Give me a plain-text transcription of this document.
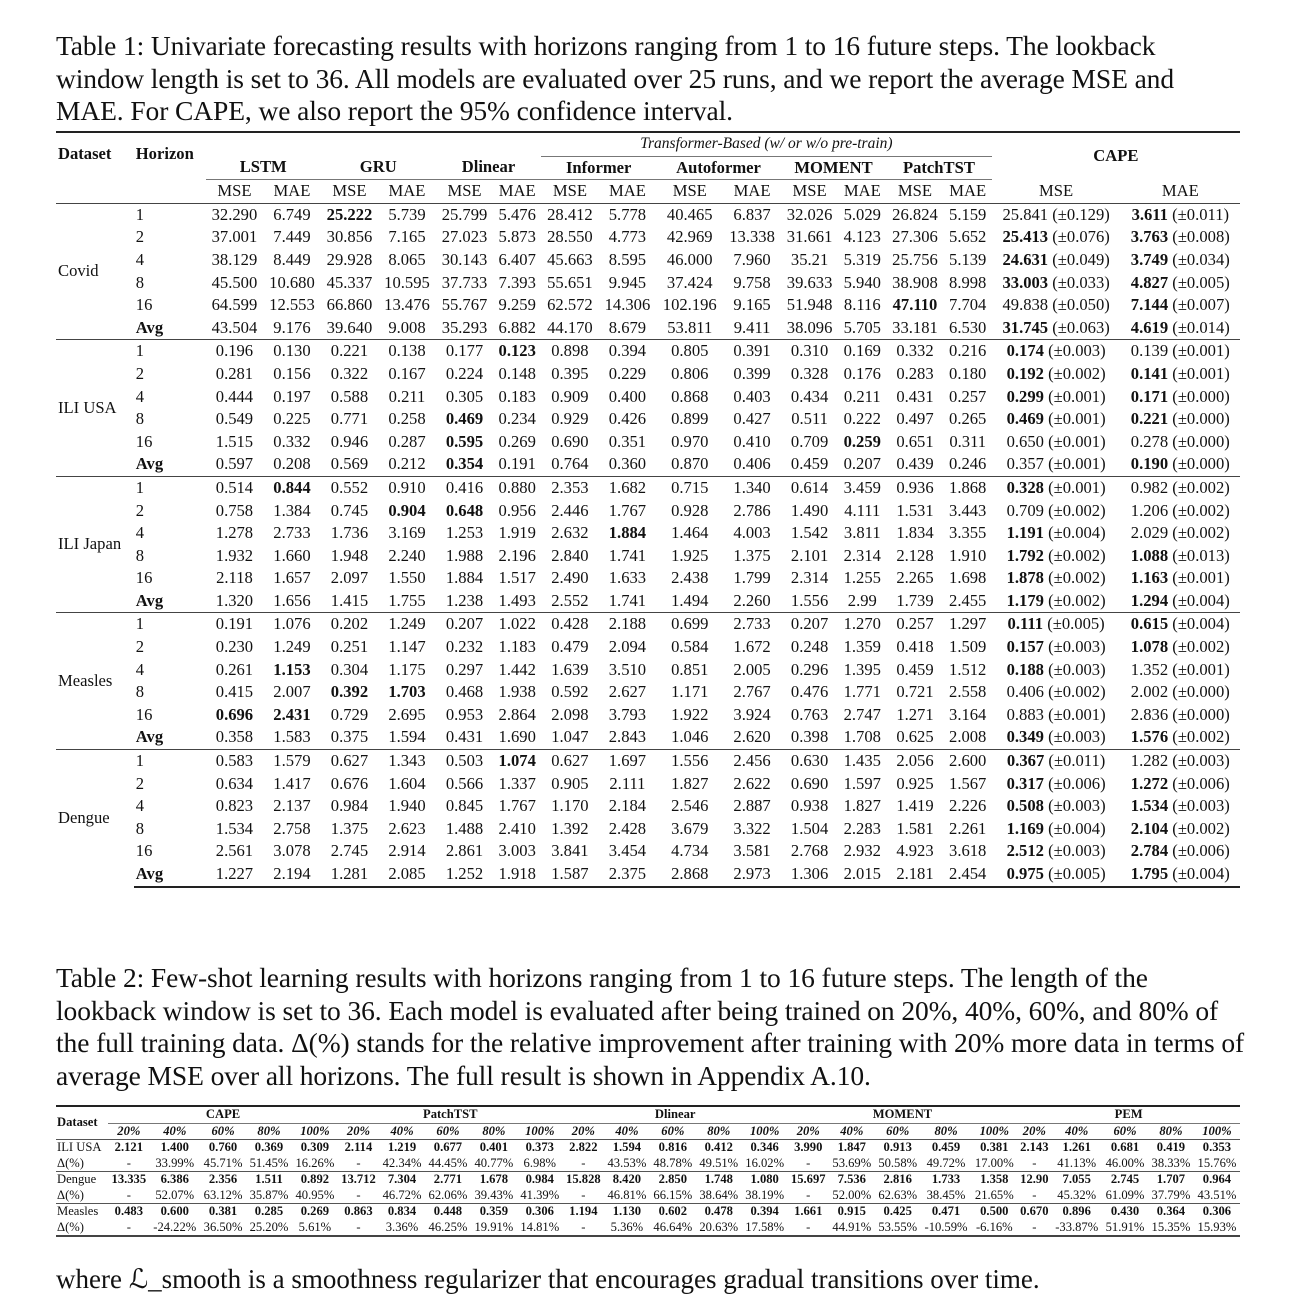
Table 1: Univariate forecasting results with horizons ranging from 1 to 16 future steps. The lookback window length is set to 36. All models are evaluated over 25 runs, and we report the average MSE and MAE. For CAPE, we also report the 95% confidence interval.
Dataset	Horizon							Transformer-Based (w/ or w/o pre-train)								CAPE	
		LSTM		GRU		Dlinear		Informer		Autoformer		MOMENT		PatchTST			
		MSE	MAE	MSE	MAE	MSE	MAE	MSE	MAE	MSE	MAE	MSE	MAE	MSE	MAE	MSE	MAE
Covid	1	32.290	6.749	25.222	5.739	25.799	5.476	28.412	5.778	40.465	6.837	32.026	5.029	26.824	5.159	25.841 (±0.129)	3.611 (±0.011)
	2	37.001	7.449	30.856	7.165	27.023	5.873	28.550	4.773	42.969	13.338	31.661	4.123	27.306	5.652	25.413 (±0.076)	3.763 (±0.008)
	4	38.129	8.449	29.928	8.065	30.143	6.407	45.663	8.595	46.000	7.960	35.21	5.319	25.756	5.139	24.631 (±0.049)	3.749 (±0.034)
	8	45.500	10.680	45.337	10.595	37.733	7.393	55.651	9.945	37.424	9.758	39.633	5.940	38.908	8.998	33.003 (±0.033)	4.827 (±0.005)
	16	64.599	12.553	66.860	13.476	55.767	9.259	62.572	14.306	102.196	9.165	51.948	8.116	47.110	7.704	49.838 (±0.050)	7.144 (±0.007)
	Avg	43.504	9.176	39.640	9.008	35.293	6.882	44.170	8.679	53.811	9.411	38.096	5.705	33.181	6.530	31.745 (±0.063)	4.619 (±0.014)
ILI USA	1	0.196	0.130	0.221	0.138	0.177	0.123	0.898	0.394	0.805	0.391	0.310	0.169	0.332	0.216	0.174 (±0.003)	0.139 (±0.001)
	2	0.281	0.156	0.322	0.167	0.224	0.148	0.395	0.229	0.806	0.399	0.328	0.176	0.283	0.180	0.192 (±0.002)	0.141 (±0.001)
	4	0.444	0.197	0.588	0.211	0.305	0.183	0.909	0.400	0.868	0.403	0.434	0.211	0.431	0.257	0.299 (±0.001)	0.171 (±0.000)
	8	0.549	0.225	0.771	0.258	0.469	0.234	0.929	0.426	0.899	0.427	0.511	0.222	0.497	0.265	0.469 (±0.001)	0.221 (±0.000)
	16	1.515	0.332	0.946	0.287	0.595	0.269	0.690	0.351	0.970	0.410	0.709	0.259	0.651	0.311	0.650 (±0.001)	0.278 (±0.000)
	Avg	0.597	0.208	0.569	0.212	0.354	0.191	0.764	0.360	0.870	0.406	0.459	0.207	0.439	0.246	0.357 (±0.001)	0.190 (±0.000)
ILI Japan	1	0.514	0.844	0.552	0.910	0.416	0.880	2.353	1.682	0.715	1.340	0.614	3.459	0.936	1.868	0.328 (±0.001)	0.982 (±0.002)
	2	0.758	1.384	0.745	0.904	0.648	0.956	2.446	1.767	0.928	2.786	1.490	4.111	1.531	3.443	0.709 (±0.002)	1.206 (±0.002)
	4	1.278	2.733	1.736	3.169	1.253	1.919	2.632	1.884	1.464	4.003	1.542	3.811	1.834	3.355	1.191 (±0.004)	2.029 (±0.002)
	8	1.932	1.660	1.948	2.240	1.988	2.196	2.840	1.741	1.925	1.375	2.101	2.314	2.128	1.910	1.792 (±0.002)	1.088 (±0.013)
	16	2.118	1.657	2.097	1.550	1.884	1.517	2.490	1.633	2.438	1.799	2.314	1.255	2.265	1.698	1.878 (±0.002)	1.163 (±0.001)
	Avg	1.320	1.656	1.415	1.755	1.238	1.493	2.552	1.741	1.494	2.260	1.556	2.99	1.739	2.455	1.179 (±0.002)	1.294 (±0.004)
Measles	1	0.191	1.076	0.202	1.249	0.207	1.022	0.428	2.188	0.699	2.733	0.207	1.270	0.257	1.297	0.111 (±0.005)	0.615 (±0.004)
	2	0.230	1.249	0.251	1.147	0.232	1.183	0.479	2.094	0.584	1.672	0.248	1.359	0.418	1.509	0.157 (±0.003)	1.078 (±0.002)
	4	0.261	1.153	0.304	1.175	0.297	1.442	1.639	3.510	0.851	2.005	0.296	1.395	0.459	1.512	0.188 (±0.003)	1.352 (±0.001)
	8	0.415	2.007	0.392	1.703	0.468	1.938	0.592	2.627	1.171	2.767	0.476	1.771	0.721	2.558	0.406 (±0.002)	2.002 (±0.000)
	16	0.696	2.431	0.729	2.695	0.953	2.864	2.098	3.793	1.922	3.924	0.763	2.747	1.271	3.164	0.883 (±0.001)	2.836 (±0.000)
	Avg	0.358	1.583	0.375	1.594	0.431	1.690	1.047	2.843	1.046	2.620	0.398	1.708	0.625	2.008	0.349 (±0.003)	1.576 (±0.002)
Dengue	1	0.583	1.579	0.627	1.343	0.503	1.074	0.627	1.697	1.556	2.456	0.630	1.435	2.056	2.600	0.367 (±0.011)	1.282 (±0.003)
	2	0.634	1.417	0.676	1.604	0.566	1.337	0.905	2.111	1.827	2.622	0.690	1.597	0.925	1.567	0.317 (±0.006)	1.272 (±0.006)
	4	0.823	2.137	0.984	1.940	0.845	1.767	1.170	2.184	2.546	2.887	0.938	1.827	1.419	2.226	0.508 (±0.003)	1.534 (±0.003)
	8	1.534	2.758	1.375	2.623	1.488	2.410	1.392	2.428	3.679	3.322	1.504	2.283	1.581	2.261	1.169 (±0.004)	2.104 (±0.002)
	16	2.561	3.078	2.745	2.914	2.861	3.003	3.841	3.454	4.734	3.581	2.768	2.932	4.923	3.618	2.512 (±0.003)	2.784 (±0.006)
	Avg	1.227	2.194	1.281	2.085	1.252	1.918	1.587	2.375	2.868	2.973	1.306	2.015	2.181	2.454	0.975 (±0.005)	1.795 (±0.004)
Table 2: Few-shot learning results with horizons ranging from 1 to 16 future steps. The length of the lookback window is set to 36. Each model is evaluated after being trained on 20%, 40%, 60%, and 80% of the full training data. Δ(%) stands for the relative improvement after training with 20% more data in terms of average MSE over all horizons. The full result is shown in Appendix A.10.
Dataset	CAPE					PatchTST					Dlinear					MOMENT					PEM				
	20%	40%	60%	80%	100%	20%	40%	60%	80%	100%	20%	40%	60%	80%	100%	20%	40%	60%	80%	100%	20%	40%	60%	80%	100%
ILI USA	2.121	1.400	0.760	0.369	0.309	2.114	1.219	0.677	0.401	0.373	2.822	1.594	0.816	0.412	0.346	3.990	1.847	0.913	0.459	0.381	2.143	1.261	0.681	0.419	0.353
Δ(%)	-	33.99%	45.71%	51.45%	16.26%	-	42.34%	44.45%	40.77%	6.98%	-	43.53%	48.78%	49.51%	16.02%	-	53.69%	50.58%	49.72%	17.00%	-	41.13%	46.00%	38.33%	15.76%
Dengue	13.335	6.386	2.356	1.511	0.892	13.712	7.304	2.771	1.678	0.984	15.828	8.420	2.850	1.748	1.080	15.697	7.536	2.816	1.733	1.358	12.90	7.055	2.745	1.707	0.964
Δ(%)	-	52.07%	63.12%	35.87%	40.95%	-	46.72%	62.06%	39.43%	41.39%	-	46.81%	66.15%	38.64%	38.19%	-	52.00%	62.63%	38.45%	21.65%	-	45.32%	61.09%	37.79%	43.51%
Measles	0.483	0.600	0.381	0.285	0.269	0.863	0.834	0.448	0.359	0.306	1.194	1.130	0.602	0.478	0.394	1.661	0.915	0.425	0.471	0.500	0.670	0.896	0.430	0.364	0.306
Δ(%)	-	-24.22%	36.50%	25.20%	5.61%	-	3.36%	46.25%	19.91%	14.81%	-	5.36%	46.64%	20.63%	17.58%	-	44.91%	53.55%	-10.59%	-6.16%	-	-33.87%	51.91%	15.35%	15.93%
where ℒ_smooth is a smoothness regularizer that encourages gradual transitions over time.
